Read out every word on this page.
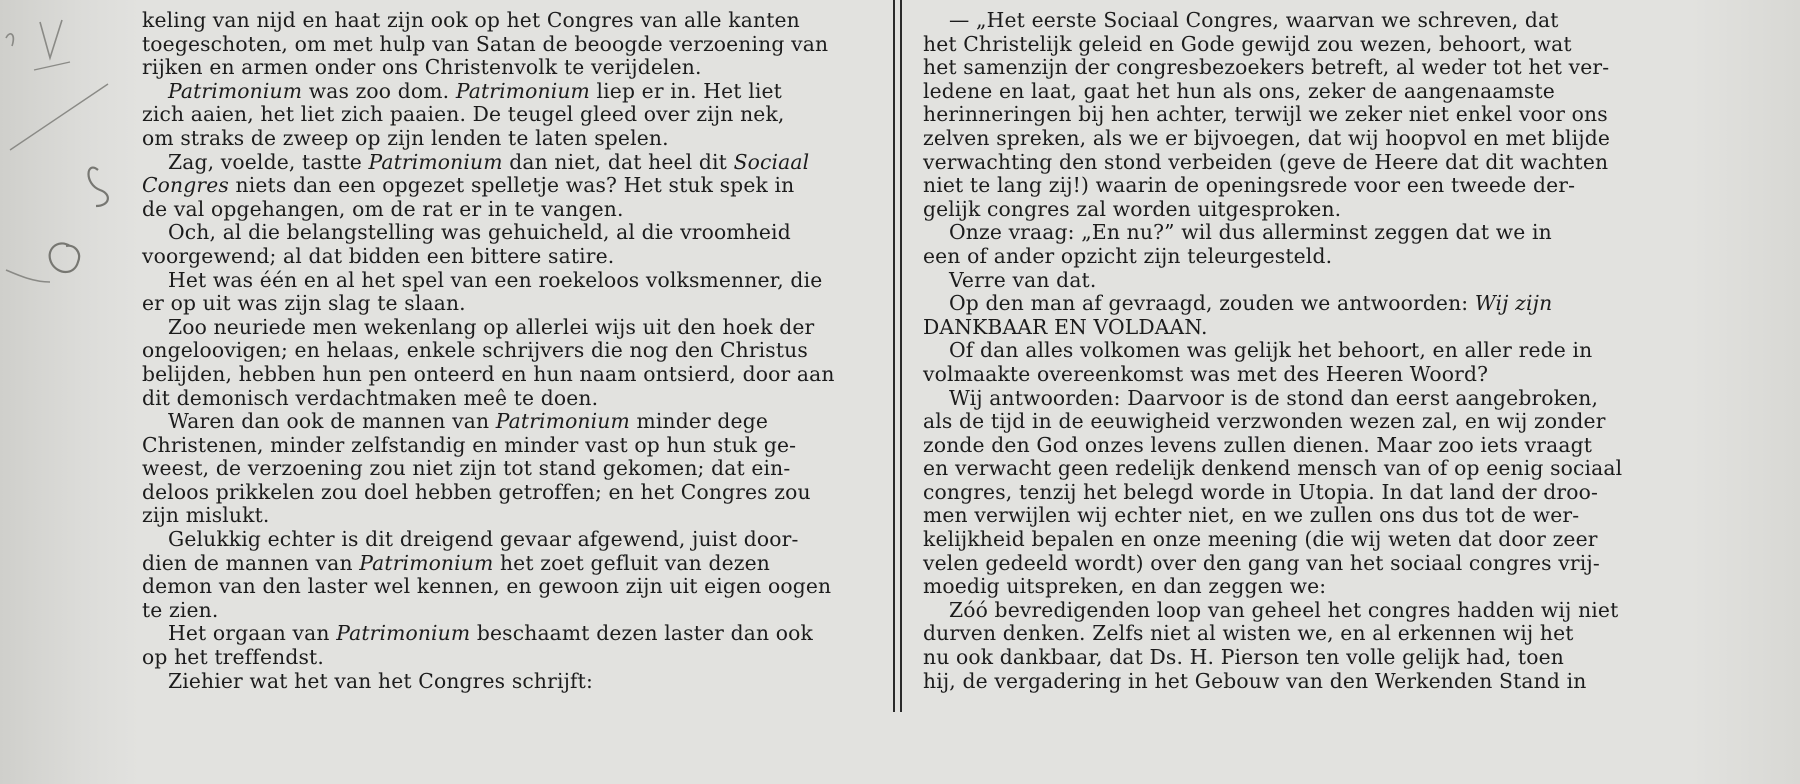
keling van nijd en haat zijn ook op het Congres van alle kanten
toegeschoten, om met hulp van Satan de beoogde verzoening van
rijken en armen onder ons Christenvolk te verijdelen.

Patrimonium was zoo dom. Patrimonium liep er in. Het liet
zich aaien, het liet zich paaien. De teugel gleed over zijn nek,
om straks de zweep op zijn lenden te laten spelen.

Zag, voelde, tastte Patrimonium dan niet, dat heel dit Sociaal
Congres niets dan een opgezet spelletje was? Het stuk spek in
de val opgehangen, om de rat er in te vangen.

Och, al die belangstelling was gehuicheld, al die vroomheid
voorgewend; al dat bidden een bittere satire.

Het was één en al het spel van een roekeloos volksmenner, die
er op uit was zijn slag te slaan.

Zoo neuriede men wekenlang op allerlei wijs uit den hoek der
ongeloovigen; en helaas, enkele schrijvers die nog den Christus
belijden, hebben hun pen onteerd en hun naam ontsierd, door aan
dit demonisch verdachtmaken meê te doen.

Waren dan ook de mannen van Patrimonium minder dege
Christenen, minder zelfstandig en minder vast op hun stuk ge-
weest, de verzoening zou niet zijn tot stand gekomen; dat ein-
deloos prikkelen zou doel hebben getroffen; en het Congres zou
zijn mislukt.

Gelukkig echter is dit dreigend gevaar afgewend, juist door-
dien de mannen van Patrimonium het zoet gefluit van dezen
demon van den laster wel kennen, en gewoon zijn uit eigen oogen
te zien.

Het orgaan van Patrimonium beschaamt dezen laster dan ook
op het treffendst.

Ziehier wat het van het Congres schrijft:

— „Het eerste Sociaal Congres, waarvan we schreven, dat
het Christelijk geleid en Gode gewijd zou wezen, behoort, wat
het samenzijn der congresbezoekers betreft, al weder tot het ver-
ledene en laat, gaat het hun als ons, zeker de aangenaamste
herinneringen bij hen achter, terwijl we zeker niet enkel voor ons
zelven spreken, als we er bijvoegen, dat wij hoopvol en met blijde
verwachting den stond verbeiden (geve de Heere dat dit wachten
niet te lang zij!) waarin de openingsrede voor een tweede der-
gelijk congres zal worden uitgesproken.

Onze vraag: „En nu?” wil dus allerminst zeggen dat we in
een of ander opzicht zijn teleurgesteld.

Verre van dat.

Op den man af gevraagd, zouden we antwoorden: Wij zijn
DANKBAAR EN VOLDAAN.

Of dan alles volkomen was gelijk het behoort, en aller rede in
volmaakte overeenkomst was met des Heeren Woord?

Wij antwoorden: Daarvoor is de stond dan eerst aangebroken,
als de tijd in de eeuwigheid verzwonden wezen zal, en wij zonder
zonde den God onzes levens zullen dienen. Maar zoo iets vraagt
en verwacht geen redelijk denkend mensch van of op eenig sociaal
congres, tenzij het belegd worde in Utopia. In dat land der droo-
men verwijlen wij echter niet, en we zullen ons dus tot de wer-
kelijkheid bepalen en onze meening (die wij weten dat door zeer
velen gedeeld wordt) over den gang van het sociaal congres vrij-
moedig uitspreken, en dan zeggen we:

Zóó bevredigenden loop van geheel het congres hadden wij niet
durven denken. Zelfs niet al wisten we, en al erkennen wij het
nu ook dankbaar, dat Ds. H. Pierson ten volle gelijk had, toen
hij, de vergadering in het Gebouw van den Werkenden Stand in
